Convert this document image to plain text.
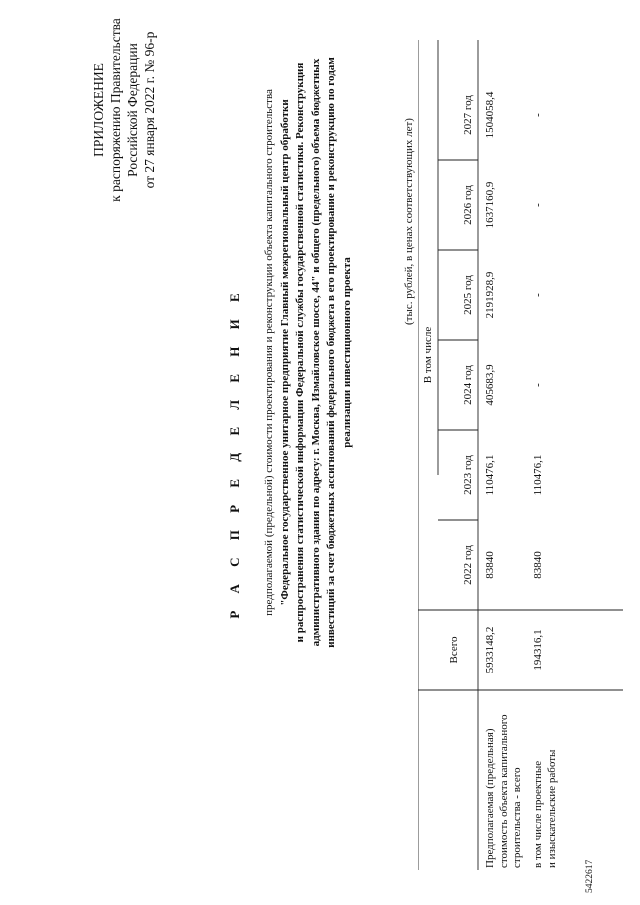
ПРИЛОЖЕНИЕ к распоряжению Правительства Российской Федерации от 27 января 2022 г. № 96-р
Р А С П Р Е Д Е Л Е Н И Е предполагаемой (предельной) стоимости проектирования и реконструкции объекта капитального строительства "Федеральное государственное унитарное предприятие Главный межрегиональный центр обработки и распространения статистической информации Федеральной службы государственной статистики. Реконструкция административного здания по адресу: г. Москва, Измайловское шоссе, 44" и общего (предельного) объема бюджетных инвестиций за счет бюджетных ассигнований федерального бюджета в его проектирование и реконструкцию по годам реализации инвестиционного проекта
(тыс. рублей, в ценах соответствующих лет)
Всего
В том числе
2022 год
2023 год
2024 год
2025 год
2026 год
2027 год
Предполагаемая (предельная) стоимость объекта капитального строительства - всего
5933148,2
83840
110476,1
405683,9
2191928,9
1637160,9
1504058,4
в том числе проектные и изыскательские работы
194316,1
83840
110476,1
-
-
-
-
5422617
